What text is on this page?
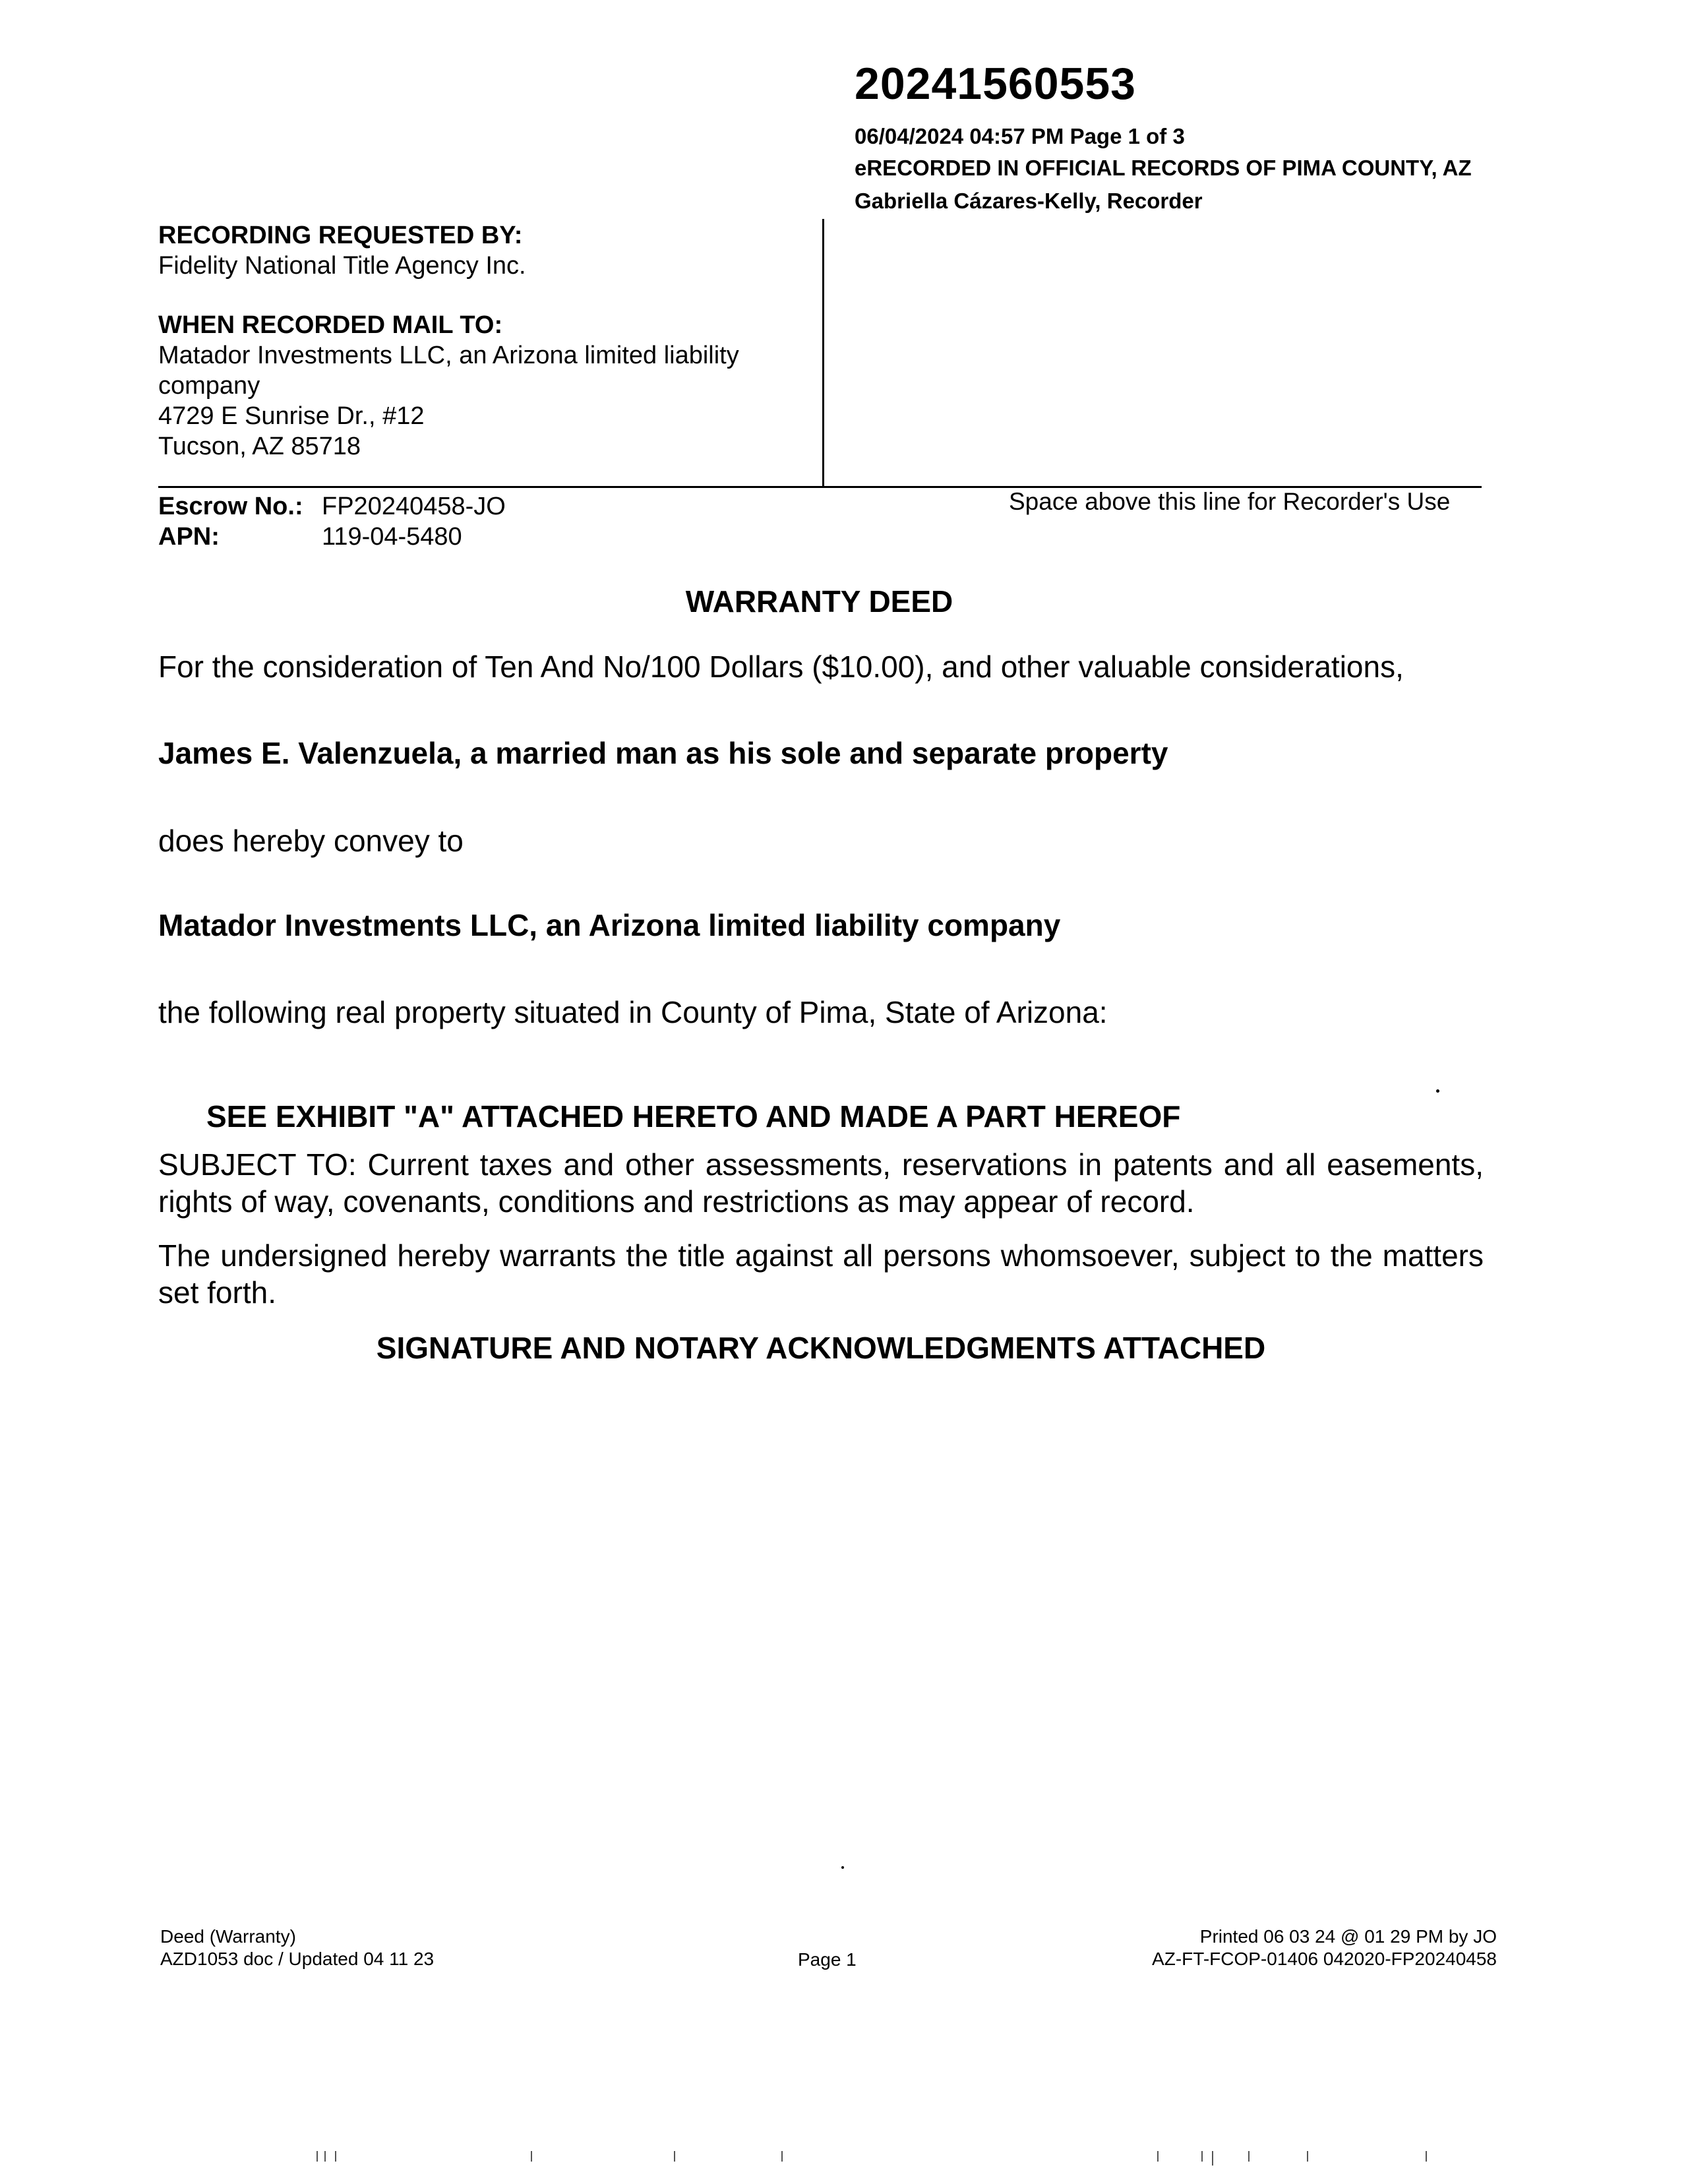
20241560553
06/04/2024 04:57 PM Page 1 of 3
eRECORDED IN OFFICIAL RECORDS OF PIMA COUNTY, AZ
Gabriella Cázares-Kelly, Recorder
RECORDING REQUESTED BY:
Fidelity National Title Agency Inc.
WHEN RECORDED MAIL TO:
Matador Investments LLC, an Arizona limited liability
company
4729 E Sunrise Dr., #12
Tucson, AZ 85718
Space above this line for Recorder's Use
Escrow No.: FP20240458-JO
APN:	119-04-5480
WARRANTY DEED
For the consideration of Ten And No/100 Dollars ($10.00), and other valuable considerations,
James E. Valenzuela, a married man as his sole and separate property
does hereby convey to
Matador Investments LLC, an Arizona limited liability company
the following real property situated in County of Pima, State of Arizona:
SEE EXHIBIT "A" ATTACHED HERETO AND MADE A PART HEREOF
SUBJECT TO: Current taxes and other assessments, reservations in patents and all easements, rights of way, covenants, conditions and restrictions as may appear of record.
The undersigned hereby warrants the title against all persons whomsoever, subject to the matters set forth.
SIGNATURE AND NOTARY ACKNOWLEDGMENTS ATTACHED
Deed (Warranty)
AZD1053 doc / Updated 04 11 23	Page 1
Printed 06 03 24 @ 01 29 PM by JO
AZ-FT-FCOP-01406 042020-FP20240458
